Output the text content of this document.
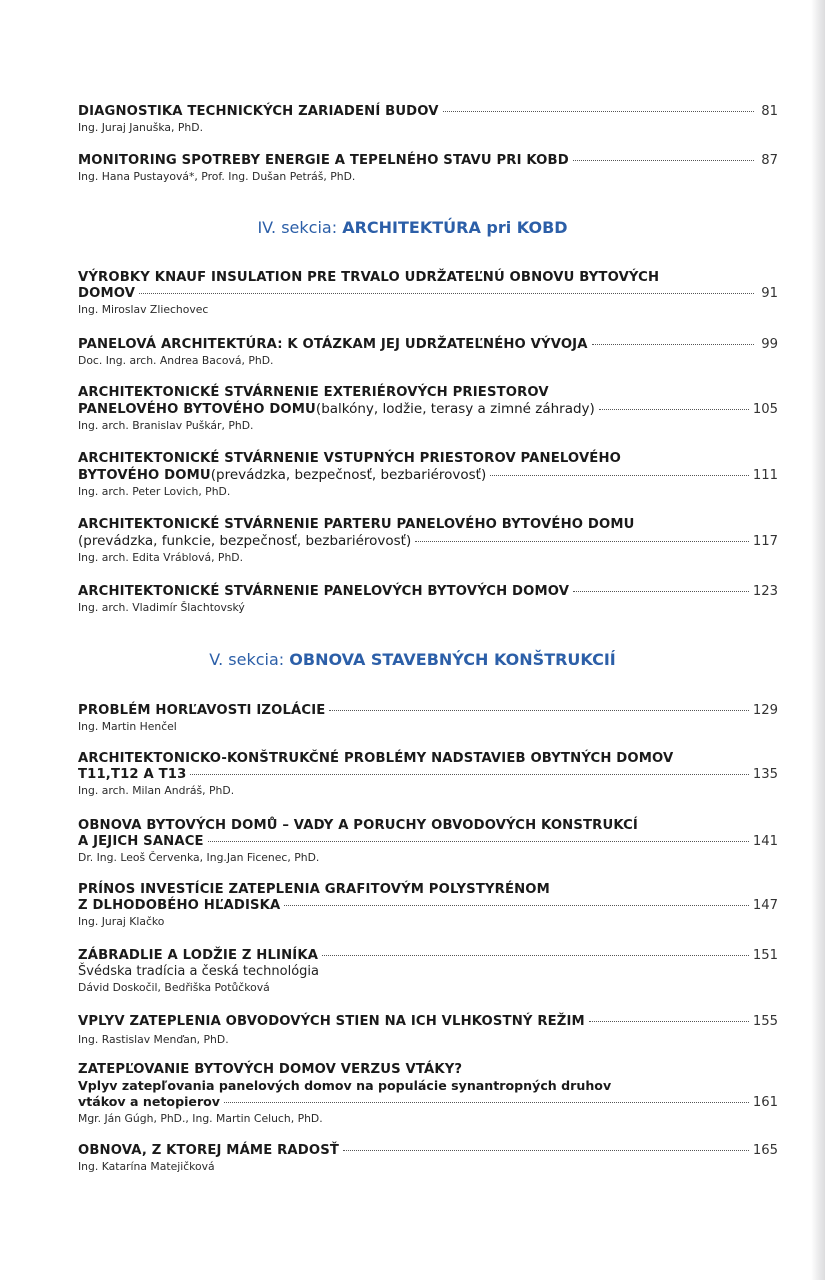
DIAGNOSTIKA TECHNICKÝCH ZARIADENÍ BUDOV	81
Ing. Juraj Januška, PhD.
MONITORING SPOTREBY ENERGIE A TEPELNÉHO STAVU PRI KOBD	87
Ing. Hana Pustayová*, Prof. Ing. Dušan Petráš, PhD.
IV. sekcia: ARCHITEKTÚRA pri KOBD
VÝROBKY KNAUF INSULATION PRE TRVALO UDRŽATEĽNÚ OBNOVU BYTOVÝCH
DOMOV	91
Ing. Miroslav Zliechovec
PANELOVÁ ARCHITEKTÚRA: K OTÁZKAM JEJ UDRŽATEĽNÉHO VÝVOJA	99
Doc. Ing. arch. Andrea Bacová, PhD.
ARCHITEKTONICKÉ STVÁRNENIE EXTERIÉROVÝCH PRIESTOROV
PANELOVÉHO BYTOVÉHO DOMU (balkóny, lodžie, terasy a zimné záhrady)	105
Ing. arch. Branislav Puškár, PhD.
ARCHITEKTONICKÉ STVÁRNENIE VSTUPNÝCH PRIESTOROV PANELOVÉHO
BYTOVÉHO DOMU (prevádzka, bezpečnosť, bezbariérovosť)	111
Ing. arch. Peter Lovich, PhD.
ARCHITEKTONICKÉ STVÁRNENIE PARTERU PANELOVÉHO BYTOVÉHO DOMU
(prevádzka, funkcie, bezpečnosť, bezbariérovosť)	117
Ing. arch. Edita Vráblová, PhD.
ARCHITEKTONICKÉ STVÁRNENIE PANELOVÝCH BYTOVÝCH DOMOV	123
Ing. arch. Vladimír Šlachtovský
V. sekcia: OBNOVA STAVEBNÝCH KONŠTRUKCIÍ
PROBLÉM HORĽAVOSTI IZOLÁCIE	129
Ing. Martin Henčel
ARCHITEKTONICKO-KONŠTRUKČNÉ PROBLÉMY NADSTAVIEB OBYTNÝCH DOMOV
T11,T12 A T13	135
Ing. arch. Milan Andráš, PhD.
OBNOVA BYTOVÝCH DOMŮ – VADY A PORUCHY OBVODOVÝCH KONSTRUKCÍ
A JEJICH SANACE	141
Dr. Ing. Leoš Červenka, Ing.Jan Ficenec, PhD.
PRÍNOS INVESTÍCIE ZATEPLENIA GRAFITOVÝM POLYSTYRÉNOM
Z DLHODOBÉHO HĽADISKA	147
Ing. Juraj Klačko
ZÁBRADLIE A LODŽIE Z HLINÍKA	151
Švédska tradícia a česká technológia
Dávid Doskočil, Bedřiška Potůčková
VPLYV ZATEPLENIA OBVODOVÝCH STIEN NA ICH VLHKOSTNÝ REŽIM	155
Ing. Rastislav Menďan, PhD.
ZATEPĽOVANIE BYTOVÝCH DOMOV VERZUS VTÁKY?
Vplyv zatepľovania panelových domov na populácie synantropných druhov
vtákov a netopierov	161
Mgr. Ján Gúgh, PhD., Ing. Martin Celuch, PhD.
OBNOVA, Z KTOREJ MÁME RADOSŤ	165
Ing. Katarína Matejičková
